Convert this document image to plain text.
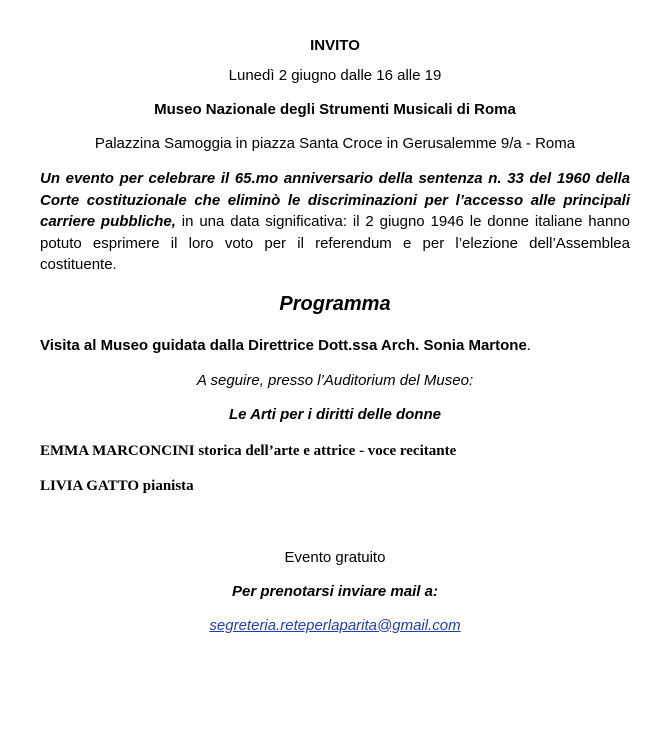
INVITO

Lunedì 2 giugno dalle 16 alle 19

Museo Nazionale degli Strumenti Musicali di Roma

Palazzina Samoggia in piazza Santa Croce in Gerusalemme 9/a - Roma

Un evento per celebrare il 65.mo anniversario della sentenza n. 33 del 1960 della Corte costituzionale che eliminò le discriminazioni per l’accesso alle principali carriere pubbliche, in una data significativa: il 2 giugno 1946 le donne italiane hanno potuto esprimere il loro voto per il referendum e per l’elezione dell’Assemblea costituente.

Programma

Visita al Museo guidata dalla Direttrice Dott.ssa Arch. Sonia Martone.

A seguire, presso l’Auditorium del Museo:

Le Arti per i diritti delle donne

EMMA MARCONCINI storica dell’arte e attrice - voce recitante

LIVIA GATTO pianista

Evento gratuito

Per prenotarsi inviare mail a:

segreteria.reteperlaparita@gmail.com
